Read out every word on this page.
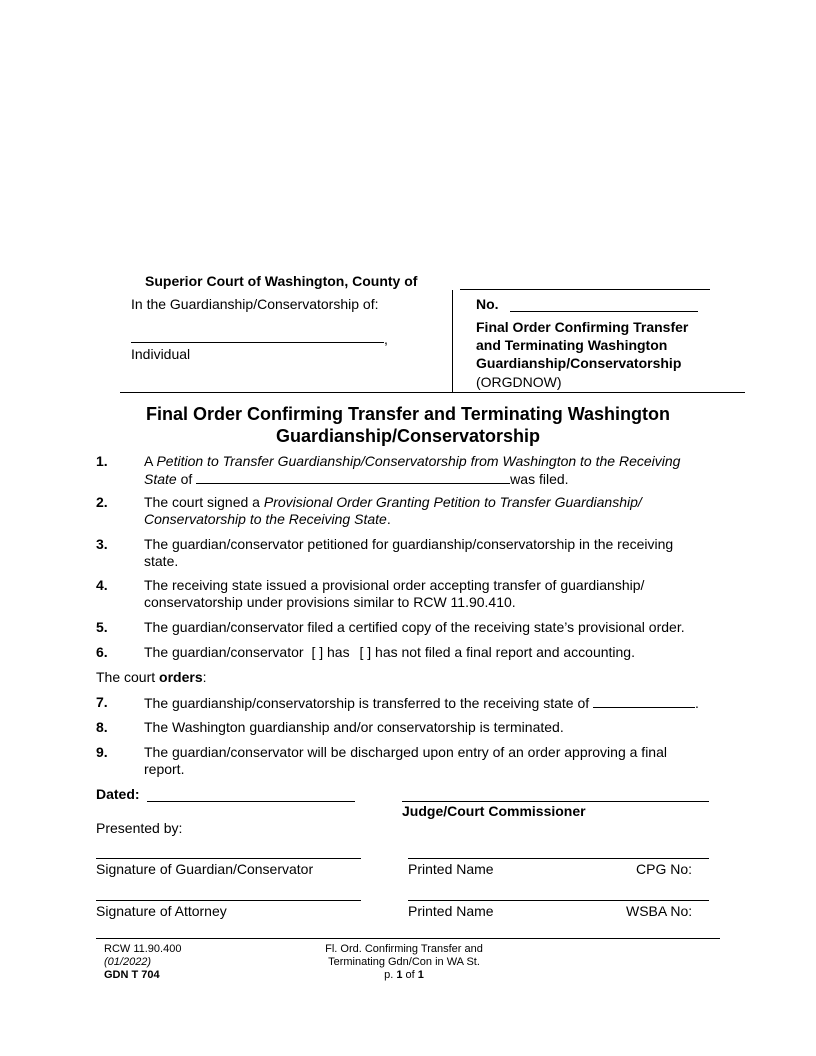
Superior Court of Washington, County of
In the Guardianship/Conservatorship of:
,
Individual
No.
Final Order Confirming Transfer
and Terminating Washington
Guardianship/Conservatorship
(ORGDNOW)
Final Order Confirming Transfer and Terminating Washington
Guardianship/Conservatorship
1.	A Petition to Transfer Guardianship/Conservatorship from Washington to the Receiving
State of	was filed.
2.	The court signed a Provisional Order Granting Petition to Transfer Guardianship/
Conservatorship to the Receiving State.
3.	The guardian/conservator petitioned for guardianship/conservatorship in the receiving
state.
4.	The receiving state issued a provisional order accepting transfer of guardianship/
conservatorship under provisions similar to RCW 11.90.410.
5.	The guardian/conservator filed a certified copy of the receiving state’s provisional order.
6.	The guardian/conservator [ ] has [ ] has not filed a final report and accounting.
The court orders:
7.	The guardianship/conservatorship is transferred to the receiving state of	.
8.	The Washington guardianship and/or conservatorship is terminated.
9.	The guardian/conservator will be discharged upon entry of an order approving a final
report.
Dated:
Judge/Court Commissioner
Presented by:
Signature of Guardian/Conservator	Printed Name	CPG No:
Signature of Attorney	Printed Name	WSBA No:
RCW 11.90.400
(01/2022)
GDN T 704
Fl. Ord. Confirming Transfer and
Terminating Gdn/Con in WA St.
p. 1 of 1
